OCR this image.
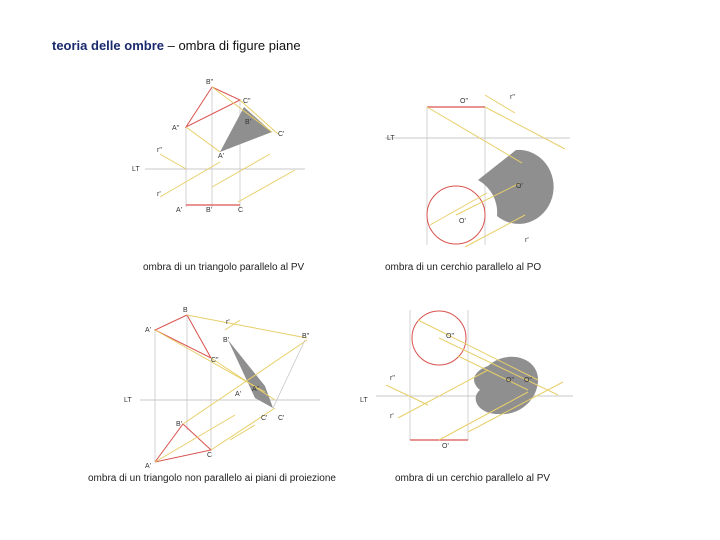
teoria delle ombre – ombra di figure piane
B"
C"
A"
B'
C'
A'
r"
LT
r'
A'	B'	C
ombra di un triangolo parallelo al PV
O"
r"
LT
O'
O'
r'
ombra di un cerchio parallelo al PO
B
A'
r'
B"
B'
C"
A"
A'
LT
C' C'
B'
C
A'
ombra di un triangolo non parallelo ai piani di proiezione
O"
r"	O" O"
LT
r'
O'
ombra di un cerchio parallelo al PV
